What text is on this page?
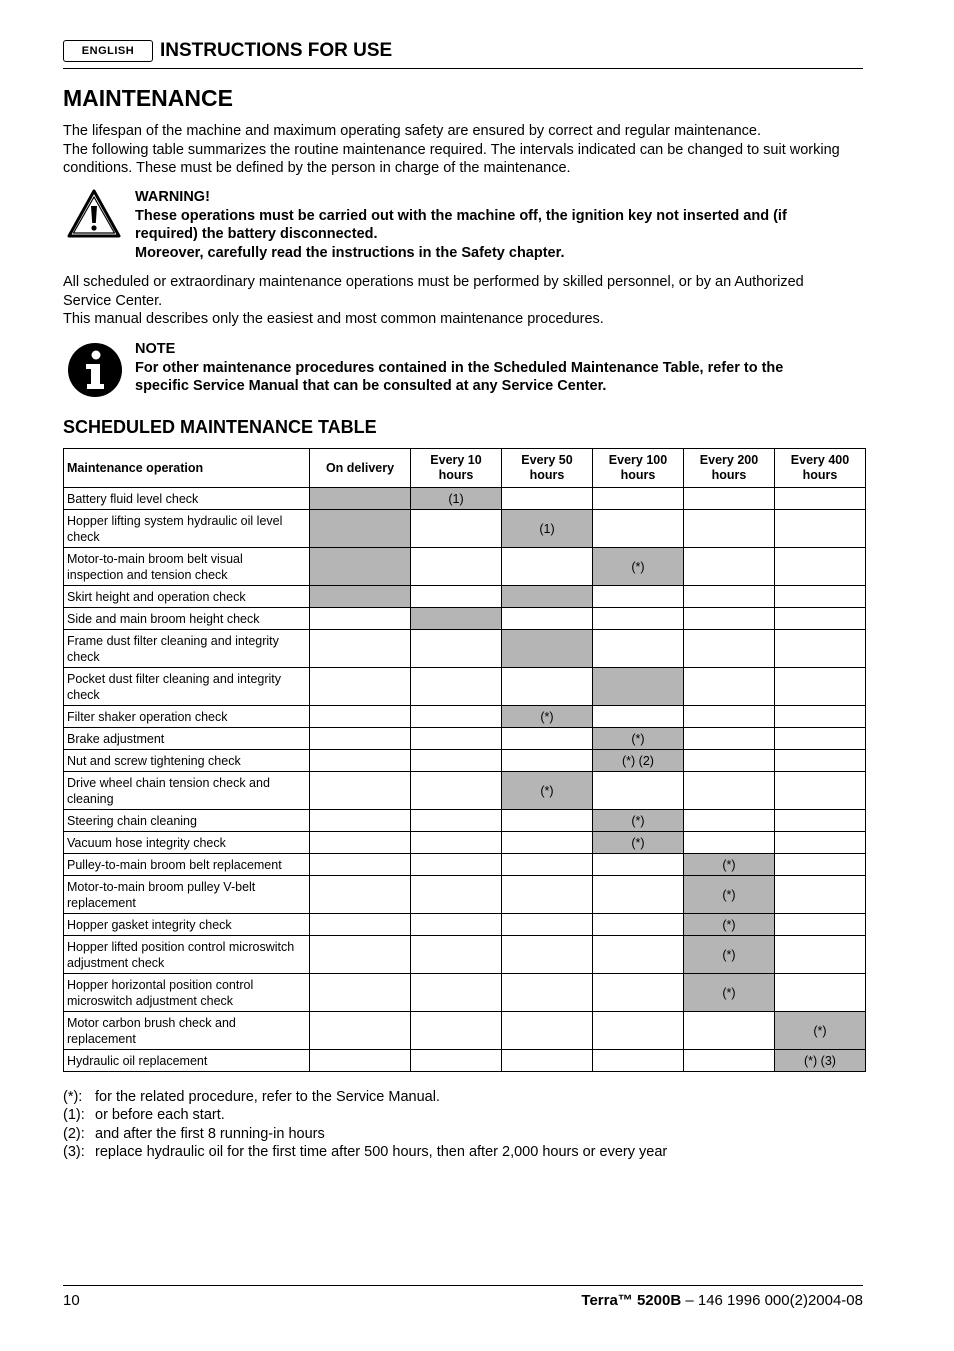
ENGLISH	INSTRUCTIONS FOR USE
MAINTENANCE
The lifespan of the machine and maximum operating safety are ensured by correct and regular maintenance.
The following table summarizes the routine maintenance required. The intervals indicated can be changed to suit working
conditions. These must be defined by the person in charge of the maintenance.
WARNING!
These operations must be carried out with the machine off, the ignition key not inserted and (if
required) the battery disconnected.
Moreover, carefully read the instructions in the Safety chapter.
All scheduled or extraordinary maintenance operations must be performed by skilled personnel, or by an Authorized
Service Center.
This manual describes only the easiest and most common maintenance procedures.
NOTE
For other maintenance procedures contained in the Scheduled Maintenance Table, refer to the
specific Service Manual that can be consulted at any Service Center.
SCHEDULED MAINTENANCE TABLE
Maintenance operation	On delivery	Every 10
hours	Every 50
hours	Every 100
hours	Every 200
hours	Every 400
hours
Battery fluid level check		(1)				
Hopper lifting system hydraulic oil level
check			(1)			
Motor-to-main broom belt visual
inspection and tension check				(*)		
Skirt height and operation check						
Side and main broom height check						
Frame dust filter cleaning and integrity
check						
Pocket dust filter cleaning and integrity
check						
Filter shaker operation check			(*)			
Brake adjustment				(*)		
Nut and screw tightening check				(*) (2)		
Drive wheel chain tension check and
cleaning			(*)			
Steering chain cleaning				(*)		
Vacuum hose integrity check				(*)		
Pulley-to-main broom belt replacement					(*)	
Motor-to-main broom pulley V-belt
replacement					(*)	
Hopper gasket integrity check					(*)	
Hopper lifted position control microswitch
adjustment check					(*)	
Hopper horizontal position control
microswitch adjustment check					(*)	
Motor carbon brush check and
replacement						(*)
Hydraulic oil replacement						(*) (3)
(*): for the related procedure, refer to the Service Manual.
(1): or before each start.
(2): and after the first 8 running-in hours
(3): replace hydraulic oil for the first time after 500 hours, then after 2,000 hours or every year
10	Terra™ 5200B – 146 1996 000(2)2004-08
